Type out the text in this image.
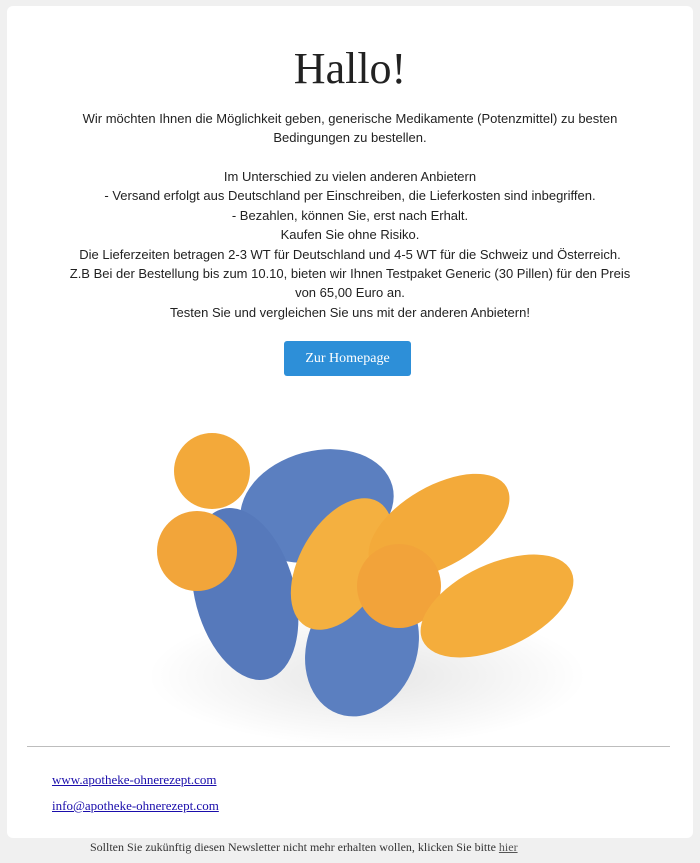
Hallo!
Wir möchten Ihnen die Möglichkeit geben, generische Medikamente (Potenzmittel) zu besten Bedingungen zu bestellen.
Im Unterschied zu vielen anderen Anbietern
- Versand erfolgt aus Deutschland per Einschreiben, die Lieferkosten sind inbegriffen.
- Bezahlen, können Sie, erst nach Erhalt.
Kaufen Sie ohne Risiko.
Die Lieferzeiten betragen 2-3 WT für Deutschland und 4-5 WT für die Schweiz und Österreich.
Z.B Bei der Bestellung bis zum 10.10, bieten wir Ihnen Testpaket Generic (30 Pillen) für den Preis
von 65,00 Euro an.
Testen Sie und vergleichen Sie uns mit der anderen Anbietern!
Zur Homepage
www.apotheke-ohnerezept.com
info@apotheke-ohnerezept.com
Sollten Sie zukünftig diesen Newsletter nicht mehr erhalten wollen, klicken Sie bitte hier
